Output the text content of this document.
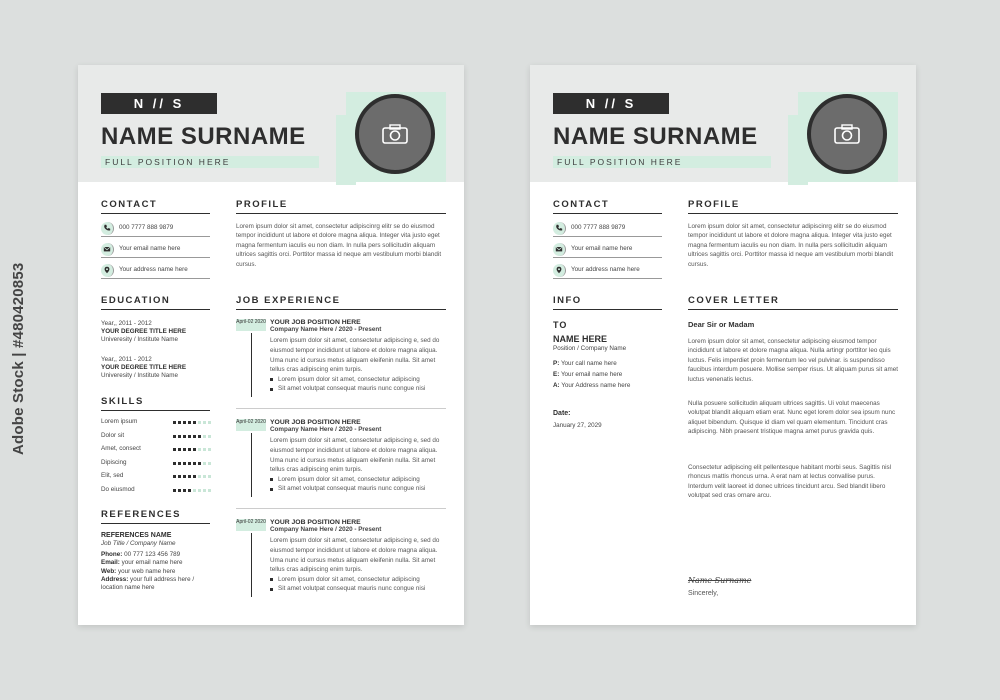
Adobe Stock | #480420853
N // S
NAME SURNAME
FULL POSITION HERE
CONTACT
000 7777 888 9879
Your email name here
Your address name here
EDUCATION
Year,, 2011 - 2012
YOUR DEGREE TITLE HERE
Univeresity / Institute Name
Year,, 2011 - 2012
YOUR DEGREE TITLE HERE
Univeresity / Institute Name
SKILLS
REFERENCES
REFERENCES NAME
Job Title / Company Name
Phone: 00 777 123 456 789
Email: your email name here
Web: your web name here
Address: your full address here / location name here
PROFILE
Lorem ipsum dolor sit amet, consectetur adipiscinrg elitr se do eiusmod tempor incididunt ut labore et dolore magna aliqua. Integer vita justo eget magna fermentum iaculis eu non diam. In nulla pers sollicitudin aliquam ultrices sagittis orci. Porttitor massa id neque am vestibulum morbi blandit cursus.
JOB EXPERIENCE
April-02 2020 YOUR JOB POSITION HERE
Company Name Here / 2020 - Present
Lorem ipsum dolor sit amet, consectetur adipiscing e, sed do eiusmod tempor incididunt ut labore et dolore magna aliqua. Uma nunc id cursus metus aliquam eleifenin nulla. Sit amet tellus cras adipiscing enim turpis.
Lorem ipsum dolor sit amet, consectetur adipiscing
Sit amet volutpat consequat mauris nunc congue nisi
April-02 2020 YOUR JOB POSITION HERE
Company Name Here / 2020 - Present
Lorem ipsum dolor sit amet, consectetur adipiscing e, sed do eiusmod tempor incididunt ut labore et dolore magna aliqua. Uma nunc id cursus metus aliquam eleifenin nulla. Sit amet tellus cras adipiscing enim turpis.
Lorem ipsum dolor sit amet, consectetur adipiscing
Sit amet volutpat consequat mauris nunc congue nisi
April-02 2020 YOUR JOB POSITION HERE
Company Name Here / 2020 - Present
Lorem ipsum dolor sit amet, consectetur adipiscing e, sed do eiusmod tempor incididunt ut labore et dolore magna aliqua. Uma nunc id cursus metus aliquam eleifenin nulla. Sit amet tellus cras adipiscing enim turpis.
Lorem ipsum dolor sit amet, consectetur adipiscing
Sit amet volutpat consequat mauris nunc congue nisi
Lorem ipsum
Dolor sit
Amet, consect
Dipiscing
Elit, sed
Do eiusmod
N // S
NAME SURNAME
FULL POSITION HERE
CONTACT
000 7777 888 9879
Your email name here
Your address name here
INFO
TO
NAME HERE
Position / Company Name
P: Your call name here
E: Your email name here
A: Your Address name here
Date:
January 27, 2029
PROFILE
Lorem ipsum dolor sit amet, consectetur adipiscinrg elitr se do eiusmod tempor incididunt ut labore et dolore magna aliqua. Integer vita justo eget magna fermentum iaculis eu non diam. In nulla pers sollicitudin aliquam ultrices sagittis orci. Porttitor massa id neque am vestibulum morbi blandit cursus.
COVER LETTER
Dear Sir or Madam
Lorem ipsum dolor sit amet, consectetur adipiscing eiusmod tempor incididunt ut labore et dolore magna aliqua. Nulla artingr porttitor leo quis luctus. Felis imperdiet proin fermentum leo vel pulvinar. is suspendisso faucibus interdum posuere. Mollise semper risus. Ut aliquam purus sit amet luctus venenatis lectus.
Nulla posuere sollicitudin aliquam ultrices sagittis. Ui volut maecenas volutpat blandit aliquam etiam erat. Nunc eget lorem dolor sea ipsum nunc aliquet bibendum. Quisque id diam vel quam elementum. Tincidunt cras adipiscing. Nibh praesent tristique magna amet purus gravida quis.
Consectetur adipiscing elit pellentesque habitant morbi seus. Sagittis nisl rhoncus mattis rhoncus urna. A erat nam at lectus convallise purus. Interdum velit laoreet id donec ultrices tincidunt arcu. Sed blandit libero volutpat sed cras ornare arcu.
Name Surname
Sincerely,
